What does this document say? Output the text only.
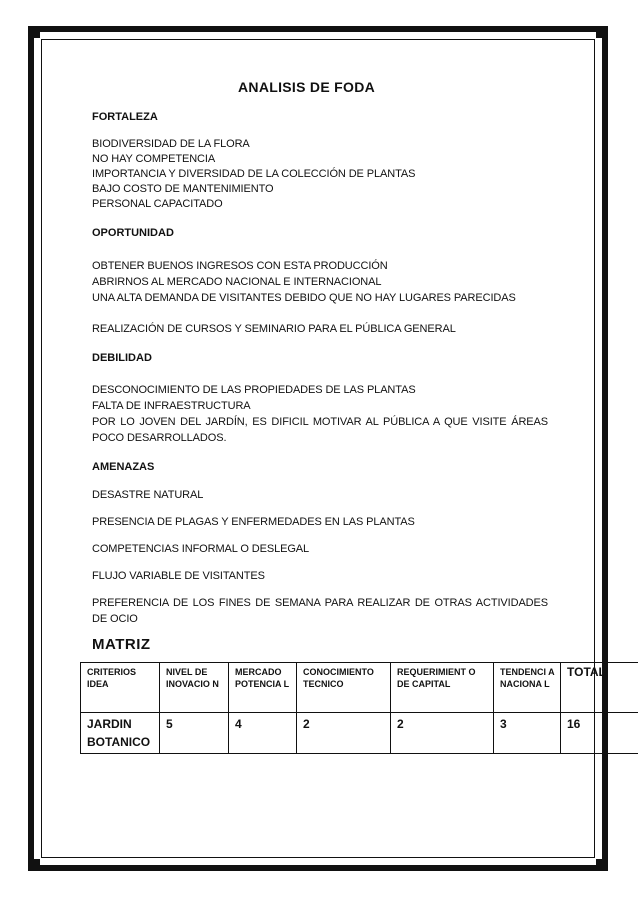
ANALISIS DE FODA
FORTALEZA
BIODIVERSIDAD DE LA FLORA
NO HAY COMPETENCIA
IMPORTANCIA Y DIVERSIDAD DE LA COLECCIÓN DE PLANTAS
BAJO COSTO DE MANTENIMIENTO
PERSONAL CAPACITADO
OPORTUNIDAD
OBTENER BUENOS INGRESOS CON ESTA PRODUCCIÓN
ABRIRNOS AL MERCADO NACIONAL E INTERNACIONAL
UNA ALTA DEMANDA DE VISITANTES DEBIDO QUE NO HAY LUGARES PARECIDAS
REALIZACIÓN DE CURSOS Y SEMINARIO PARA EL PÚBLICA GENERAL
DEBILIDAD
DESCONOCIMIENTO DE LAS PROPIEDADES DE LAS PLANTAS
FALTA DE INFRAESTRUCTURA
POR LO JOVEN DEL JARDÍN, ES DIFICIL MOTIVAR AL PÚBLICA A QUE VISITE ÁREAS POCO DESARROLLADOS.
AMENAZAS
DESASTRE NATURAL
PRESENCIA DE PLAGAS Y ENFERMEDADES EN LAS PLANTAS
COMPETENCIAS INFORMAL O DESLEGAL
FLUJO VARIABLE DE VISITANTES
PREFERENCIA DE LOS FINES DE SEMANA PARA REALIZAR DE OTRAS ACTIVIDADES DE OCIO
MATRIZ
CRITERIOS IDEA	NIVEL DE INOVACIO N	MERCADO POTENCIA L	CONOCIMIENTO TECNICO	REQUERIMIENT O DE CAPITAL	TENDENCI A NACIONA L	TOTAL
JARDIN BOTANICO	5	4	2	2	3	16
